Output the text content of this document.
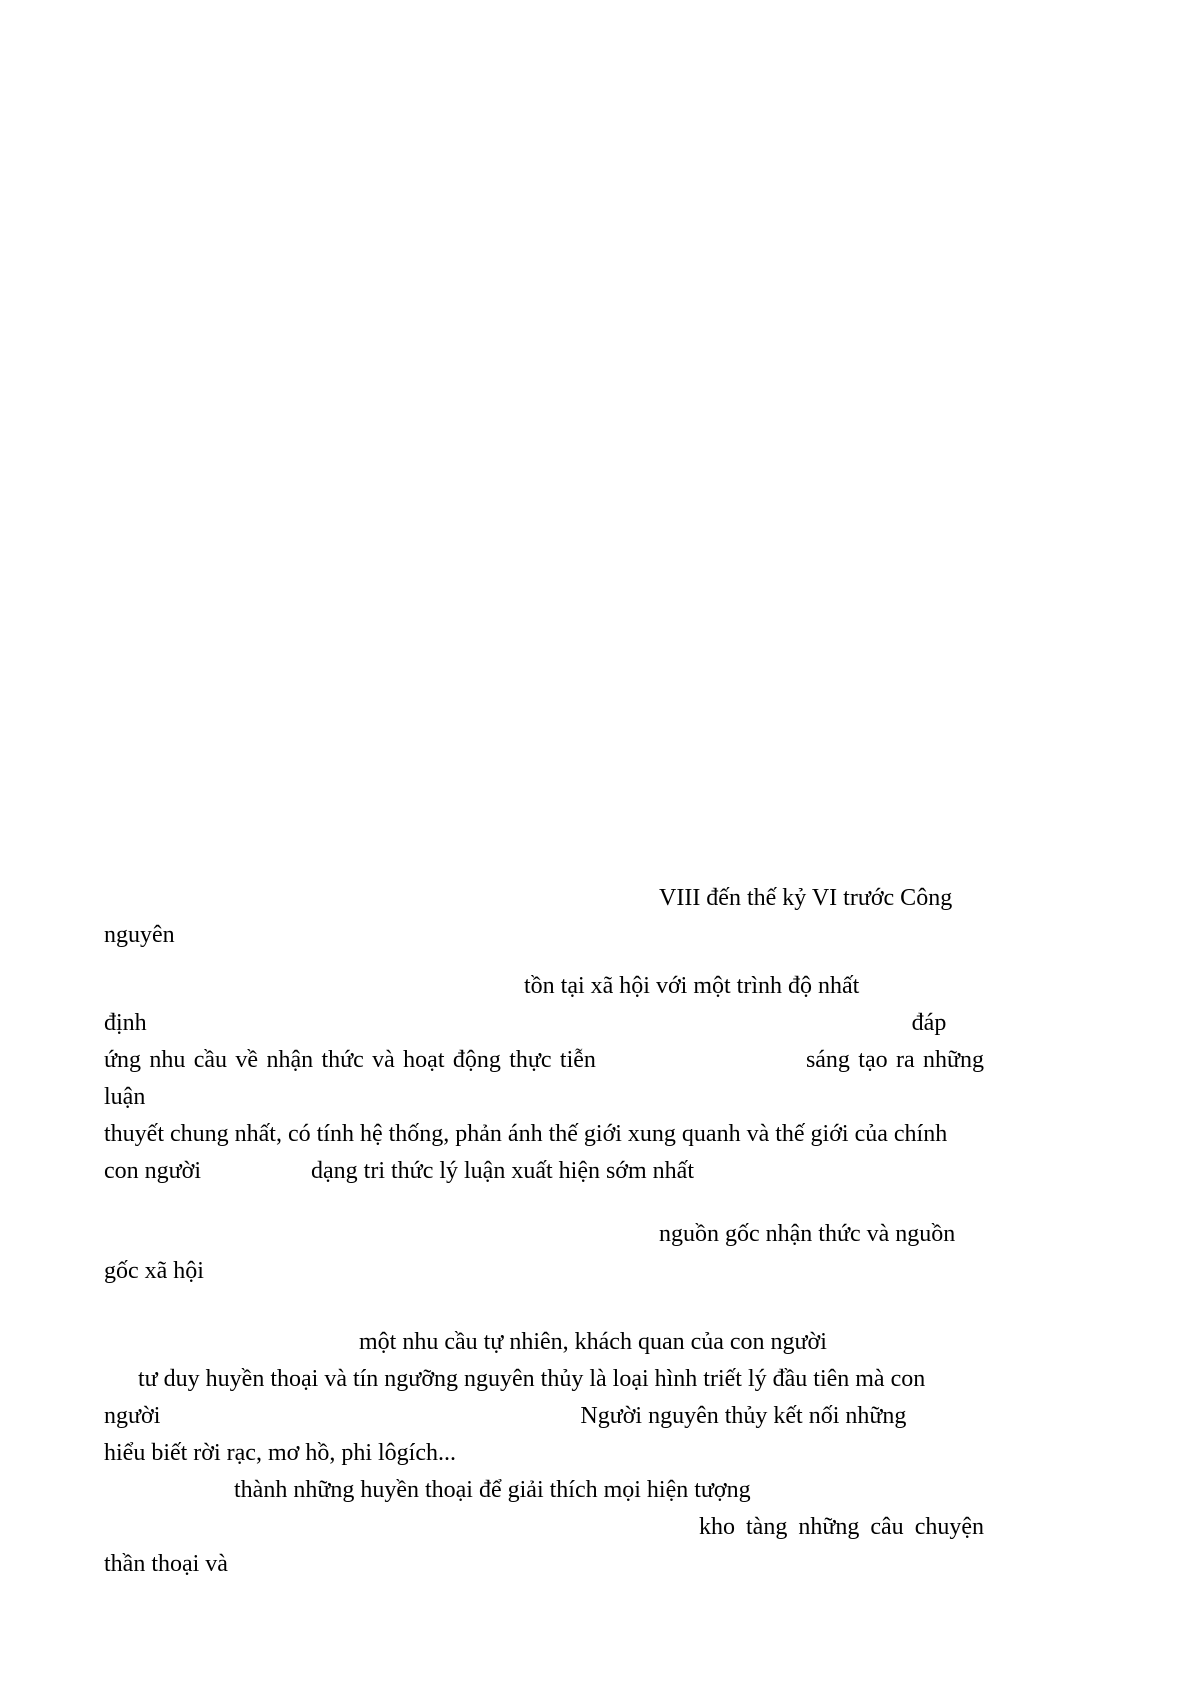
VIII đến thế kỷ VI trước Công
nguyên
tồn tại xã hội với một trình độ nhất
định	đáp
ứng nhu cầu về nhận thức và hoạt động thực tiễn	sáng tạo ra những luận
thuyết chung nhất, có tính hệ thống, phản ánh thế giới xung quanh và thế giới của chính
con người	dạng tri thức lý luận xuất hiện sớm nhất
nguồn gốc nhận thức và nguồn
gốc xã hội
một nhu cầu tự nhiên, khách quan của con người
tư duy huyền thoại và tín ngưỡng nguyên thủy là loại hình triết lý đầu tiên mà con
người	Người nguyên thủy kết nối những
hiểu biết rời rạc, mơ hồ, phi lôgích...
thành những huyền thoại để giải thích mọi hiện tượng
kho tàng những câu chuyện thần thoại và
